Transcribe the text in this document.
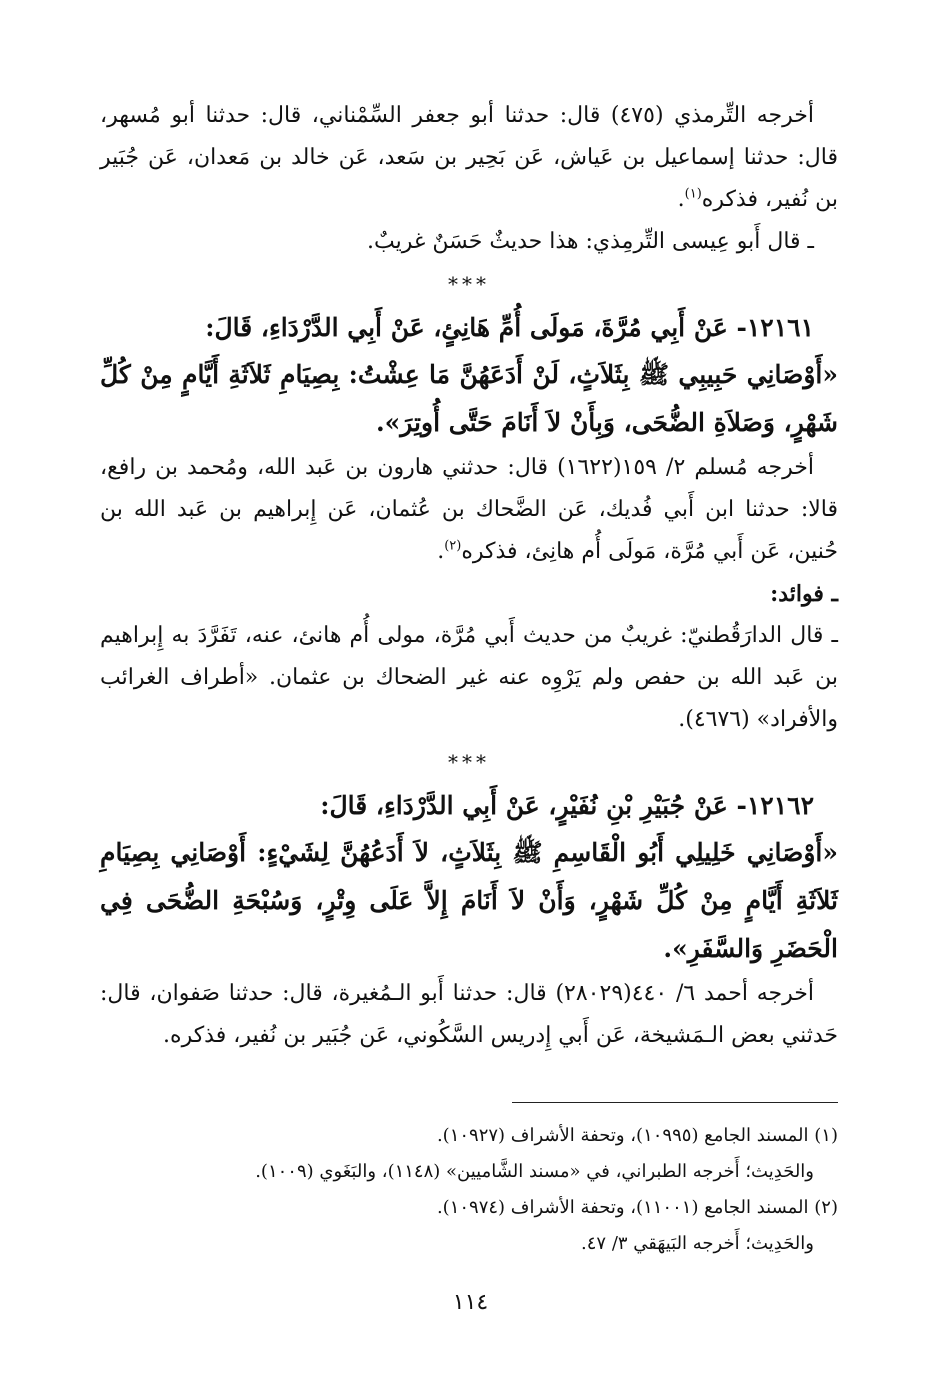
أخرجه التِّرمذي (٤٧٥) قال: حدثنا أبو جعفر السِّمْناني، قال: حدثنا أبو مُسهر، قال: حدثنا إسماعيل بن عَياش، عَن بَحِير بن سَعد، عَن خالد بن مَعدان، عَن جُبَير بن نُفير، فذكره$^{(١)}$.

ـ قال أَبو عِيسى التِّرمِذي: هذا حديثٌ حَسَنٌ غريبٌ.

***

١٢١٦١- عَنْ أَبِي مُرَّةَ، مَولَى أُمِّ هَانِئٍ، عَنْ أَبِي الدَّرْدَاءِ، قَالَ:

«أَوْصَانِي حَبِيبِي ﷺ بِثَلاَثٍ، لَنْ أَدَعَهُنَّ مَا عِشْتُ: بِصِيَامِ ثَلاَثَةِ أَيَّامٍ مِنْ كُلِّ شَهْرٍ، وَصَلاَةِ الضُّحَى، وَبِأَنْ لاَ أَنَامَ حَتَّى أُوتِرَ».

أخرجه مُسلم ٢/ ١٥٩(١٦٢٢) قال: حدثني هارون بن عَبد الله، ومُحمد بن رافع، قالا: حدثنا ابن أَبي فُديك، عَن الضَّحاك بن عُثمان، عَن إِبراهيم بن عَبد الله بن حُنين، عَن أَبي مُرَّة، مَولَى أُم هانِئ، فذكره$^{(٢)}$.

ـ فوائد:

ـ قال الدارَقُطنيّ: غريبٌ من حديث أَبي مُرَّة، مولى أُم هانئ، عنه، تَفَرَّدَ به إِبراهيم بن عَبد الله بن حفص ولم يَرْوِه عنه غير الضحاك بن عثمان. «أطراف الغرائب والأفراد» (٤٦٧٦).

***

١٢١٦٢- عَنْ جُبَيْرِ بْنِ نُفَيْرٍ، عَنْ أَبِي الدَّرْدَاءِ، قَالَ:

«أَوْصَانِي خَلِيلِي أَبُو الْقَاسِمِ ﷺ بِثَلاَثٍ، لاَ أَدَعُهُنَّ لِشَيْءٍ: أَوْصَانِي بِصِيَامِ ثَلاَثَةِ أَيَّامٍ مِنْ كُلِّ شَهْرٍ، وَأَنْ لاَ أَنَامَ إِلاَّ عَلَى وِتْرٍ، وَسُبْحَةِ الضُّحَى فِي الْحَضَرِ وَالسَّفَرِ».

أخرجه أحمد ٦/ ٤٤٠(٢٨٠٢٩) قال: حدثنا أَبو الـمُغيرة، قال: حدثنا صَفوان، قال: حَدثني بعض الـمَشيخة، عَن أَبي إِدريس السَّكُوني، عَن جُبَير بن نُفير، فذكره.

(١) المسند الجامع (١٠٩٩٥)، وتحفة الأشراف (١٠٩٢٧).

والحَدِيث؛ أَخرجه الطبراني، في «مسند الشَّاميين» (١١٤٨)، والبَغَوي (١٠٠٩).

(٢) المسند الجامع (١١٠٠١)، وتحفة الأشراف (١٠٩٧٤).

والحَدِيث؛ أَخرجه البَيهَقي ٣/ ٤٧.

١١٤
